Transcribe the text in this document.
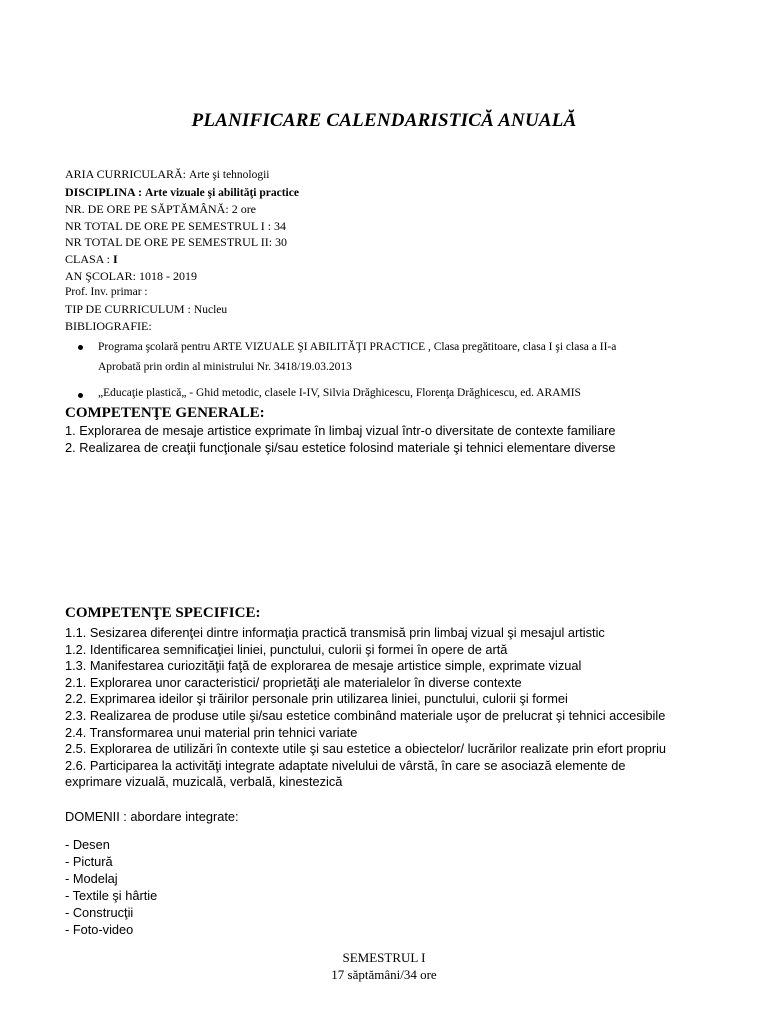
PLANIFICARE CALENDARISTICĂ ANUALĂ
ARIA CURRICULARĂ: Arte şi tehnologii
DISCIPLINA : Arte vizuale şi abilităţi practice
NR. DE ORE PE SĂPTĂMÂNĂ: 2 ore
NR TOTAL DE ORE PE SEMESTRUL I : 34
NR TOTAL DE ORE PE SEMESTRUL II: 30
CLASA : I
AN ŞCOLAR: 1018 - 2019
Prof. Inv. primar :
TIP DE CURRICULUM : Nucleu
BIBLIOGRAFIE:
Programa şcolară pentru ARTE VIZUALE ŞI ABILITĂŢI PRACTICE , Clasa pregătitoare, clasa I şi clasa a II-a
Aprobată prin ordin al ministrului Nr. 3418/19.03.2013
„Educaţie plastică„ - Ghid metodic, clasele I-IV, Silvia Drăghicescu, Florenţa Drăghicescu, ed. ARAMIS
COMPETENŢE GENERALE:
1. Explorarea de mesaje artistice exprimate în limbaj vizual într-o diversitate de contexte familiare
2. Realizarea de creaţii funcţionale şi/sau estetice folosind materiale şi tehnici elementare diverse
COMPETENŢE SPECIFICE:
1.1. Sesizarea diferenţei dintre informaţia practică transmisă prin limbaj vizual şi mesajul artistic
1.2. Identificarea semnificaţiei liniei, punctului, culorii şi formei în opere de artă
1.3. Manifestarea curiozităţii faţă de explorarea de mesaje artistice simple, exprimate vizual
2.1. Explorarea unor caracteristici/ proprietăţi ale materialelor în diverse contexte
2.2. Exprimarea ideilor şi trăirilor personale prin utilizarea liniei, punctului, culorii şi formei
2.3. Realizarea de produse utile şi/sau estetice combinând materiale uşor de prelucrat şi tehnici accesibile
2.4. Transformarea unui material prin tehnici variate
2.5. Explorarea de utilizări în contexte utile şi sau estetice a obiectelor/ lucrărilor realizate prin efort propriu
2.6. Participarea la activităţi integrate adaptate nivelului de vârstă, în care se asociază elemente de
exprimare vizuală, muzicală, verbală, kinestezică
DOMENII : abordare integrate:
- Desen
- Pictură
- Modelaj
- Textile şi hârtie
- Construcţii
- Foto-video
SEMESTRUL I
17 săptămâni/34 ore
